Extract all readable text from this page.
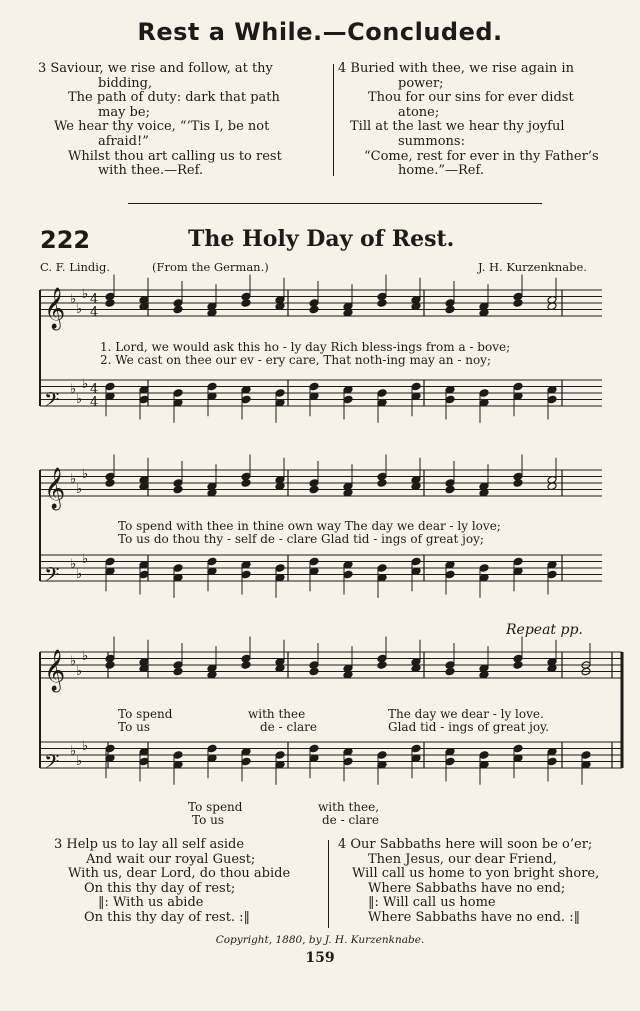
Rest a While.—Concluded.

3 Saviour, we rise and follow, at thy

bidding,

The path of duty: dark that path

may be;

We hear thy voice, “’Tis I, be not

afraid!”

Whilst thou art calling us to rest

with thee.—Ref.

4 Buried with thee, we rise again in

power;

Thou for our sins for ever didst

atone;

Till at the last we hear thy joyful

summons:

“Come, rest for ever in thy Father’s

home.”—Ref.

222	The Holy Day of Rest.
C. F. Lindig.	(From the German.)	J. H. Kurzenknabe.
𝄞 ♭
♭
♭ 4
4
𝄢 ♭
♭
♭ 4
4
𝄞 ♭
♭
♭
𝄢 ♭
♭
♭
𝄞 ♭
♭
♭
𝄢 ♭
♭
♭
1. Lord, we would ask this ho - ly day Rich bless-ings from a - bove;
2. We cast on thee our ev - ery care, That noth-ing may an - noy;
To spend with thee in thine own way The day we dear - ly love;
To us do thou thy - self de - clare Glad tid - ings of great joy;
Repeat pp.
To spend	with thee	The day we dear - ly love.
To us	de - clare	Glad tid - ings of great joy.
To spend	with thee,
To us	de - clare

3 Help us to lay all self aside

And wait our royal Guest;

With us, dear Lord, do thou abide

On this thy day of rest;

‖: With us abide

On this thy day of rest. :‖

4 Our Sabbaths here will soon be o’er;

Then Jesus, our dear Friend,

Will call us home to yon bright shore,

Where Sabbaths have no end;

‖: Will call us home

Where Sabbaths have no end. :‖

Copyright, 1880, by J. H. Kurzenknabe.
159
